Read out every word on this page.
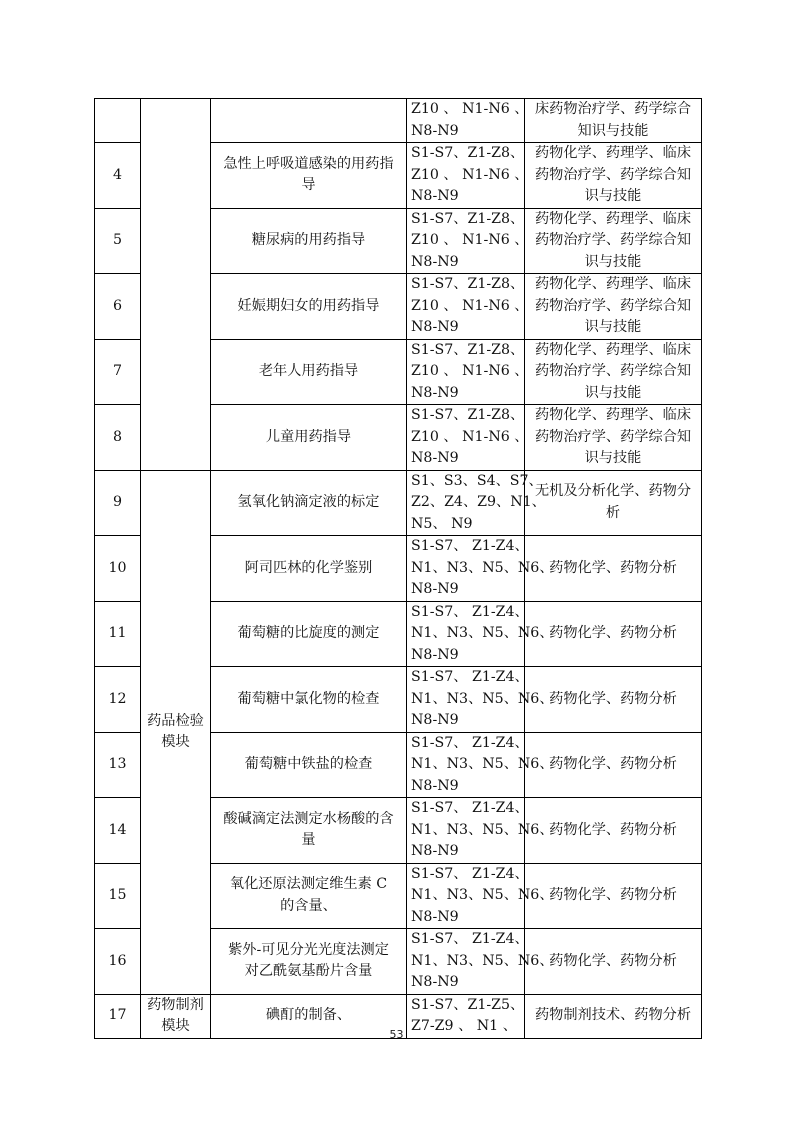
			Z10 、 N1-N6 、
N8-N9	床药物治疗学、药学综合知识与技能
4		急性上呼吸道感染的用药指导	S1-S7、Z1-Z8、
Z10 、 N1-N6 、
N8-N9	药物化学、药理学、临床药物治疗学、药学综合知识与技能
5		糖尿病的用药指导	S1-S7、Z1-Z8、
Z10 、 N1-N6 、
N8-N9	药物化学、药理学、临床药物治疗学、药学综合知识与技能
6		妊娠期妇女的用药指导	S1-S7、Z1-Z8、
Z10 、 N1-N6 、
N8-N9	药物化学、药理学、临床药物治疗学、药学综合知识与技能
7		老年人用药指导	S1-S7、Z1-Z8、
Z10 、 N1-N6 、
N8-N9	药物化学、药理学、临床药物治疗学、药学综合知识与技能
8		儿童用药指导	S1-S7、Z1-Z8、
Z10 、 N1-N6 、
N8-N9	药物化学、药理学、临床药物治疗学、药学综合知识与技能
9	药品检验模块	氢氧化钠滴定液的标定	S1、S3、S4、S7、
Z2、Z4、Z9、N1、
N5、 N9	无机及分析化学、药物分析
10		阿司匹林的化学鉴别	S1-S7、 Z1-Z4、
N1、N3、N5、N6、
N8-N9	药物化学、药物分析
11		葡萄糖的比旋度的测定	S1-S7、 Z1-Z4、
N1、N3、N5、N6、
N8-N9	药物化学、药物分析
12		葡萄糖中氯化物的检查	S1-S7、 Z1-Z4、
N1、N3、N5、N6、
N8-N9	药物化学、药物分析
13		葡萄糖中铁盐的检查	S1-S7、 Z1-Z4、
N1、N3、N5、N6、
N8-N9	药物化学、药物分析
14		酸碱滴定法测定水杨酸的含量	S1-S7、 Z1-Z4、
N1、N3、N5、N6、
N8-N9	药物化学、药物分析
15		氧化还原法测定维生素 C 的含量、	S1-S7、 Z1-Z4、
N1、N3、N5、N6、
N8-N9	药物化学、药物分析
16		紫外-可见分光光度法测定对乙酰氨基酚片含量	S1-S7、 Z1-Z4、
N1、N3、N5、N6、
N8-N9	药物化学、药物分析
17	药物制剂模块	碘酊的制备、	S1-S7、Z1-Z5、
Z7-Z9 、 N1 、	药物制剂技术、药物分析
53
